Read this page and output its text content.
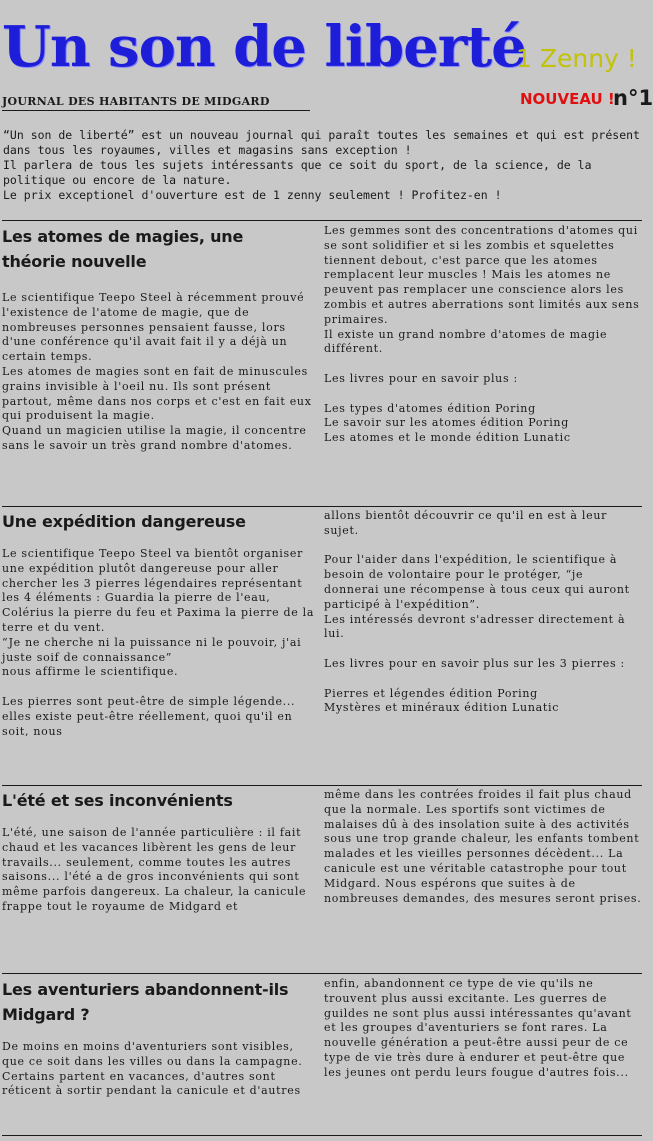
Un son de liberté
1 Zenny !
JOURNAL DES HABITANTS DE MIDGARD	NOUVEAU !
n°1
“Un son de liberté” est un nouveau journal qui paraît toutes les semaines et qui est présent dans tous les royaumes, villes et magasins sans exception !
Il parlera de tous les sujets intéressants que ce soit du sport, de la science, de la politique ou encore de la nature.
Le prix exceptionel d'ouverture est de 1 zenny seulement ! Profitez-en !
Les atomes de magies, une théorie nouvelle

Le scientifique Teepo Steel à récemment prouvé l'existence de l'atome de magie, que de nombreuses personnes pensaient fausse, lors d'une conférence qu'il avait fait il y a déjà un certain temps.
Les atomes de magies sont en fait de minuscules grains invisible à l'oeil nu. Ils sont présent partout, même dans nos corps et c'est en fait eux qui produisent la magie.
Quand un magicien utilise la magie, il concentre sans le savoir un très grand nombre d'atomes.

Les gemmes sont des concentrations d'atomes qui se sont solidifier et si les zombis et squelettes tiennent debout, c'est parce que les atomes remplacent leur muscles ! Mais les atomes ne peuvent pas remplacer une conscience alors les zombis et autres aberrations sont limités aux sens primaires.
Il existe un grand nombre d'atomes de magie différent.

Les livres pour en savoir plus :

Les types d'atomes édition Poring
Le savoir sur les atomes édition Poring
Les atomes et le monde édition Lunatic

Une expédition dangereuse

Le scientifique Teepo Steel va bientôt organiser une expédition plutôt dangereuse pour aller chercher les 3 pierres légendaires représentant les 4 éléments : Guardia la pierre de l'eau, Colérius la pierre du feu et Paxima la pierre de la terre et du vent.
“Je ne cherche ni la puissance ni le pouvoir, j'ai juste soif de connaissance”
nous affirme le scientifique.

Les pierres sont peut-être de simple légende... elles existe peut-être réellement, quoi qu'il en soit, nous

allons bientôt découvrir ce qu'il en est à leur sujet.

Pour l'aider dans l'expédition, le scientifique à besoin de volontaire pour le protéger, “je donnerai une récompense à tous ceux qui auront participé à l'expédition”.
Les intéressés devront s'adresser directement à lui.

Les livres pour en savoir plus sur les 3 pierres :

Pierres et légendes édition Poring
Mystères et minéraux édition Lunatic

L'été et ses inconvénients

L'été, une saison de l'année particulière : il fait chaud et les vacances libèrent les gens de leur travails... seulement, comme toutes les autres saisons... l'été a de gros inconvénients qui sont même parfois dangereux. La chaleur, la canicule frappe tout le royaume de Midgard et

même dans les contrées froides il fait plus chaud que la normale. Les sportifs sont victimes de malaises dû à des insolation suite à des activités sous une trop grande chaleur, les enfants tombent malades et les vieilles personnes décèdent... La canicule est une véritable catastrophe pour tout Midgard. Nous espérons que suites à de nombreuses demandes, des mesures seront prises.

Les aventuriers abandonnent-ils Midgard ?

De moins en moins d'aventuriers sont visibles, que ce soit dans les villes ou dans la campagne. Certains partent en vacances, d'autres sont réticent à sortir pendant la canicule et d'autres

enfin, abandonnent ce type de vie qu'ils ne trouvent plus aussi excitante. Les guerres de guildes ne sont plus aussi intéressantes qu'avant et les groupes d'aventuriers se font rares. La nouvelle génération a peut-être aussi peur de ce type de vie très dure à endurer et peut-être que les jeunes ont perdu leurs fougue d'autres fois...
